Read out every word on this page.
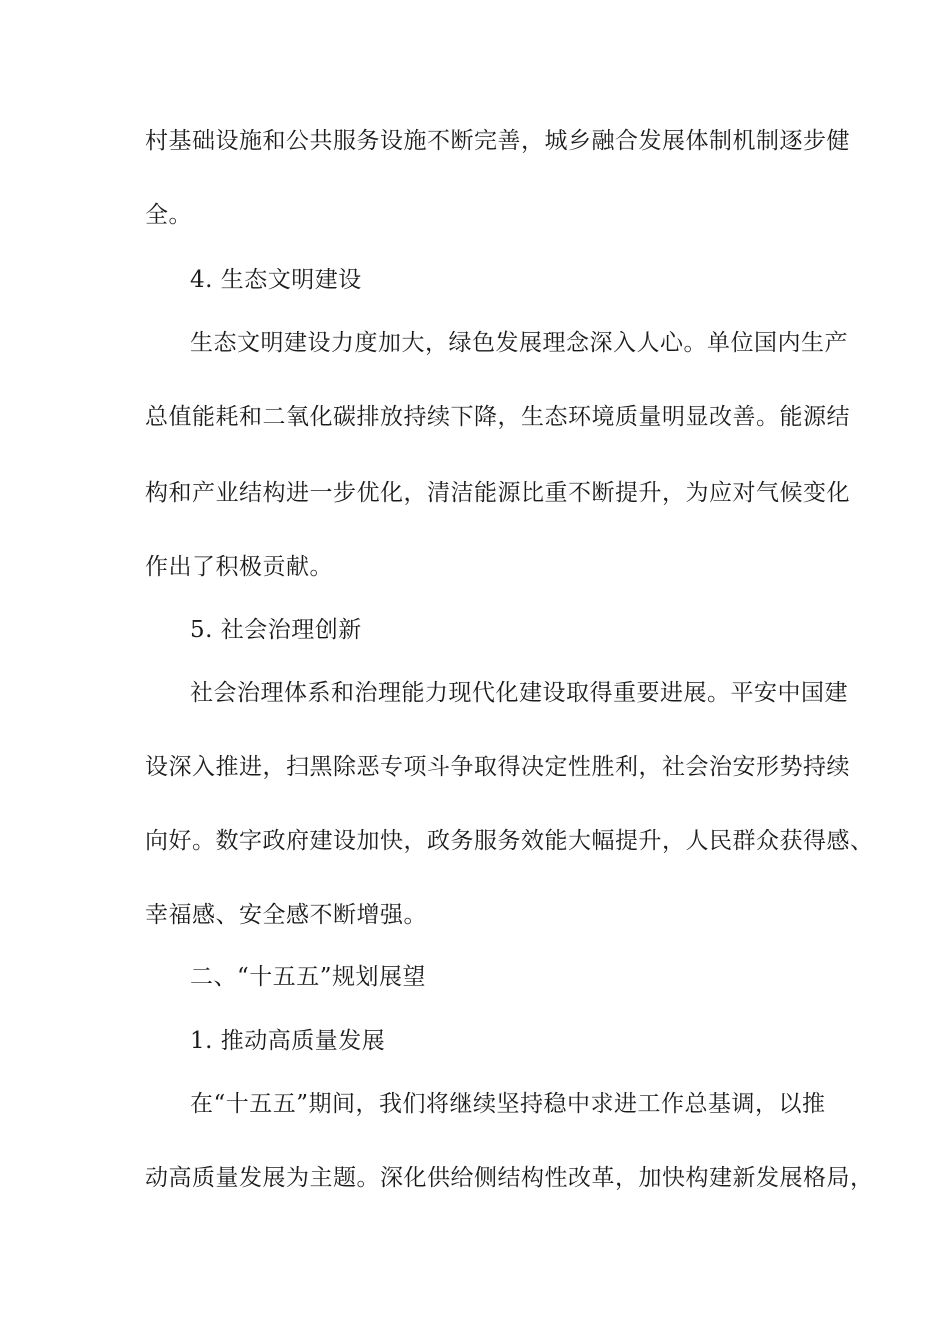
村基础设施和公共服务设施不断完善，城乡融合发展体制机制逐步健
全。
4. 生态文明建设
生态文明建设力度加大，绿色发展理念深入人心。单位国内生产
总值能耗和二氧化碳排放持续下降，生态环境质量明显改善。能源结
构和产业结构进一步优化，清洁能源比重不断提升，为应对气候变化
作出了积极贡献。
5. 社会治理创新
社会治理体系和治理能力现代化建设取得重要进展。平安中国建
设深入推进，扫黑除恶专项斗争取得决定性胜利，社会治安形势持续
向好。数字政府建设加快，政务服务效能大幅提升，人民群众获得感、
幸福感、安全感不断增强。
二、“十五五”规划展望
1. 推动高质量发展
在“十五五”期间，我们将继续坚持稳中求进工作总基调，以推
动高质量发展为主题。深化供给侧结构性改革，加快构建新发展格局，
